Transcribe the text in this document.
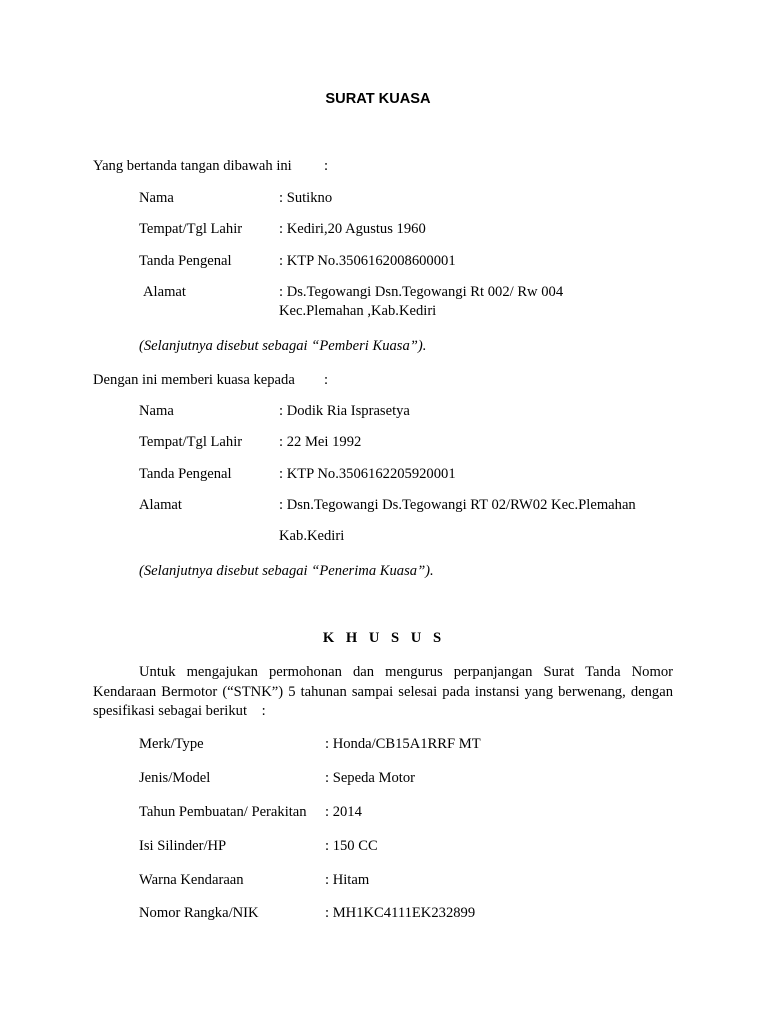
SURAT KUASA
Yang bertanda tangan dibawah ini :
Nama	: Sutikno
Tempat/Tgl Lahir	: Kediri,20 Agustus 1960
Tanda Pengenal	: KTP No.3506162008600001
Alamat	: Ds.Tegowangi Dsn.Tegowangi Rt 002/ Rw 004
Kec.Plemahan ,Kab.Kediri
(Selanjutnya disebut sebagai “Pemberi Kuasa”).
Dengan ini memberi kuasa kepada :
Nama	: Dodik Ria Isprasetya
Tempat/Tgl Lahir	: 22 Mei 1992
Tanda Pengenal	: KTP No.3506162205920001
Alamat	: Dsn.Tegowangi Ds.Tegowangi RT 02/RW02 Kec.Plemahan
Kab.Kediri
(Selanjutnya disebut sebagai “Penerima Kuasa”).
K H U S U S
Untuk mengajukan permohonan dan mengurus perpanjangan Surat Tanda Nomor Kendaraan Bermotor (“STNK”) 5 tahunan sampai selesai pada instansi yang berwenang, dengan spesifikasi sebagai berikut :
Merk/Type	: Honda/CB15A1RRF MT
Jenis/Model	: Sepeda Motor
Tahun Pembuatan/ Perakitan : 2014
Isi Silinder/HP	: 150 CC
Warna Kendaraan	: Hitam
Nomor Rangka/NIK	: MH1KC4111EK232899
